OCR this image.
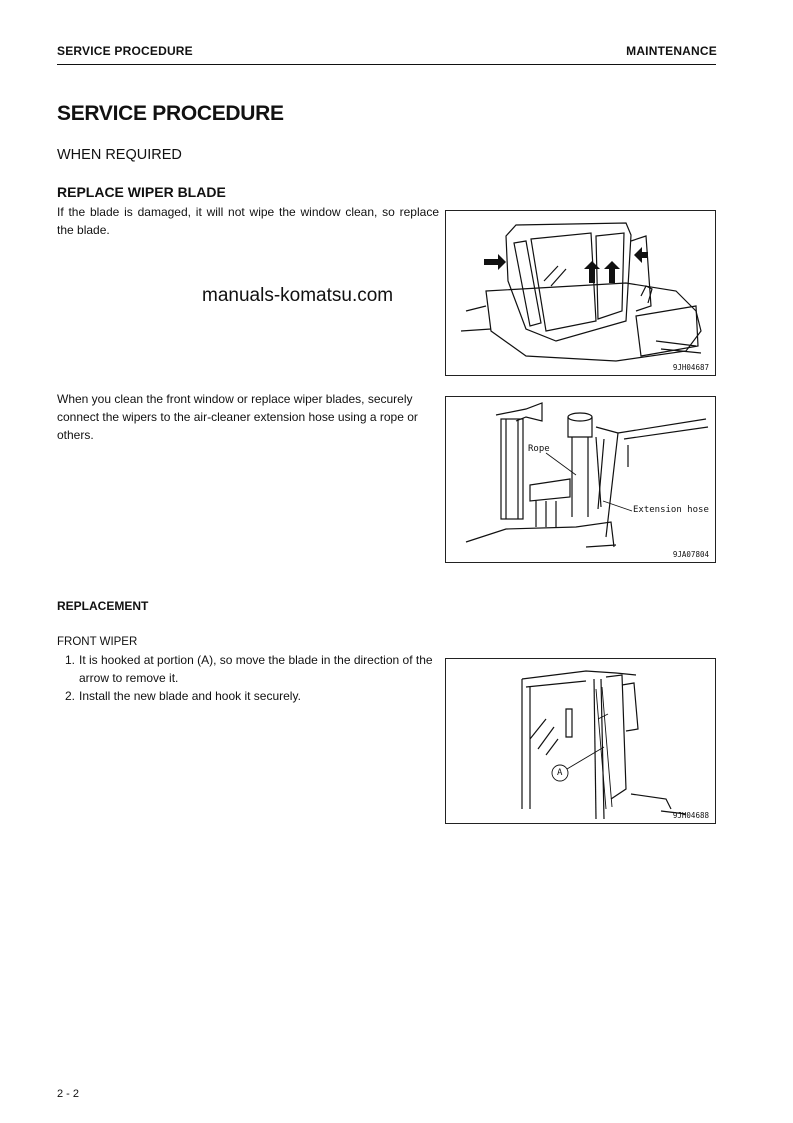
SERVICE PROCEDURE	MAINTENANCE
SERVICE PROCEDURE
WHEN REQUIRED
REPLACE WIPER BLADE

If the blade is damaged, it will not wipe the window clean, so replace the blade.

9JH04687
manuals-komatsu.com

When you clean the front window or replace wiper blades, securely connect the wipers to the air-cleaner extension hose using a rope or others.

Rope
Extension hose
9JA07804
REPLACEMENT
FRONT WIPER
1. It is hooked at portion (A), so move the blade in the direction of the arrow to remove it.
2. Install the new blade and hook it securely.
A
9JH04688
2 - 2
